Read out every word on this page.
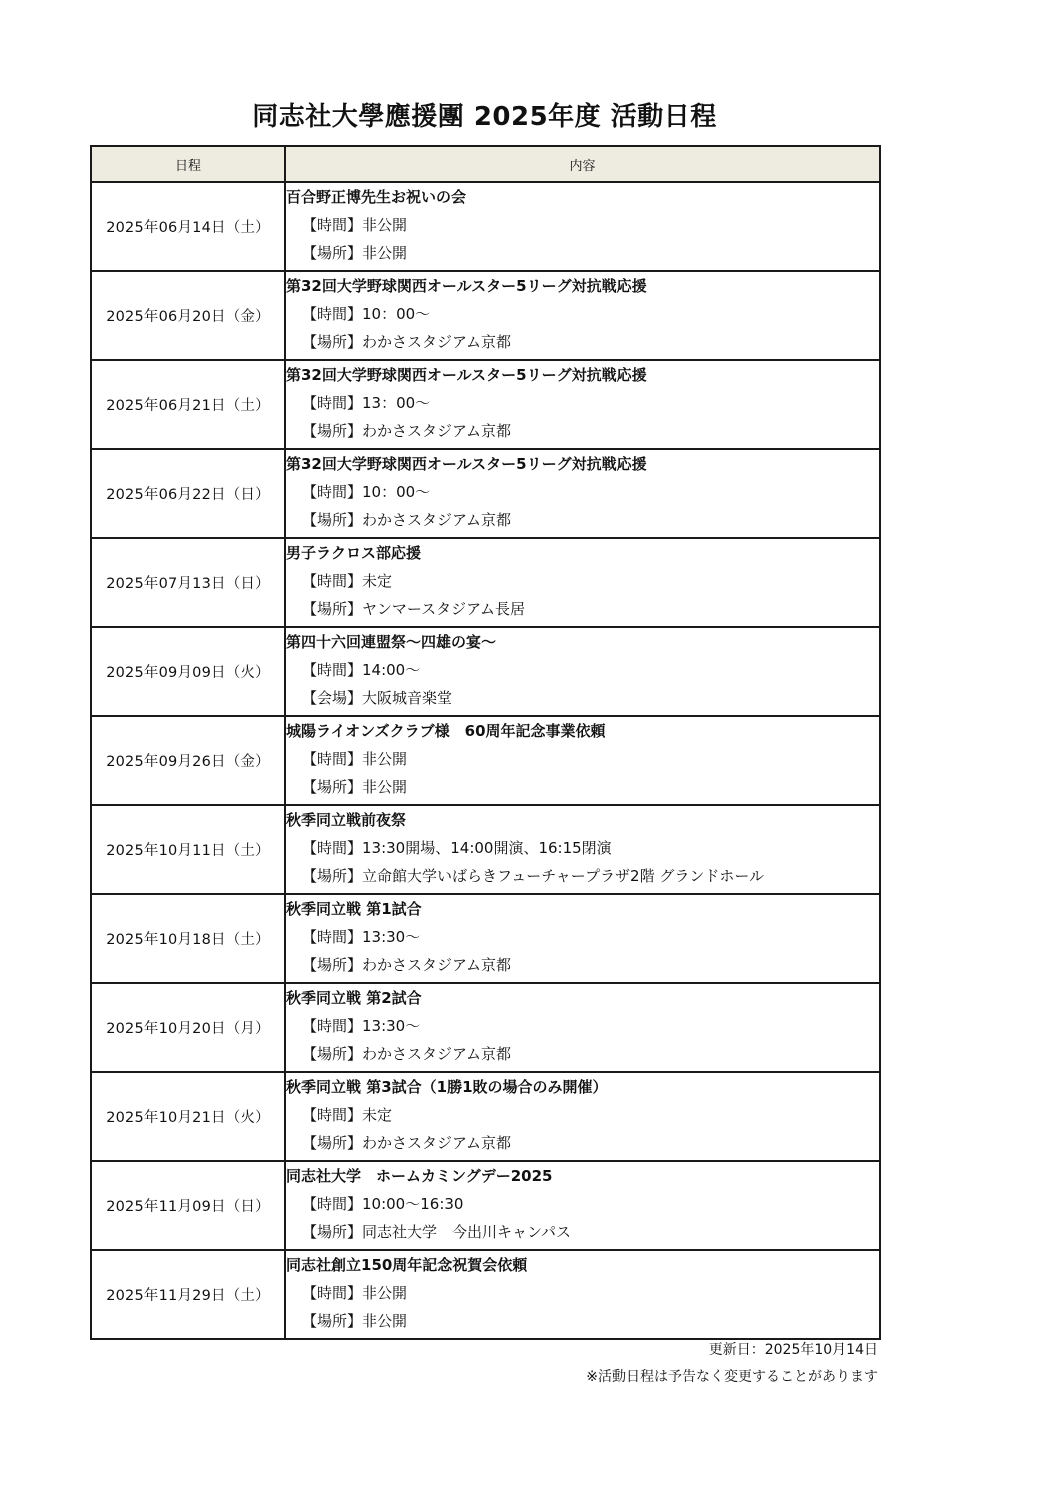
同志社大學應援團 2025年度 活動日程
日程	内容
2025年06月14日（土）	百合野正博先生お祝いの会
【時間】非公開
【場所】非公開

2025年06月20日（金）	第32回大学野球関西オールスター5リーグ対抗戦応援
【時間】10：00～
【場所】わかさスタジアム京都

2025年06月21日（土）	第32回大学野球関西オールスター5リーグ対抗戦応援
【時間】13：00～
【場所】わかさスタジアム京都

2025年06月22日（日）	第32回大学野球関西オールスター5リーグ対抗戦応援
【時間】10：00～
【場所】わかさスタジアム京都

2025年07月13日（日）	男子ラクロス部応援
【時間】未定
【場所】ヤンマースタジアム長居

2025年09月09日（火）	第四十六回連盟祭～四雄の宴～
【時間】14:00～
【会場】大阪城音楽堂

2025年09月26日（金）	城陽ライオンズクラブ様　60周年記念事業依頼
【時間】非公開
【場所】非公開

2025年10月11日（土）	秋季同立戦前夜祭
【時間】13:30開場、14:00開演、16:15閉演
【場所】立命館大学いばらきフューチャープラザ2階 グランドホール

2025年10月18日（土）	秋季同立戦 第1試合
【時間】13:30～
【場所】わかさスタジアム京都

2025年10月20日（月）	秋季同立戦 第2試合
【時間】13:30～
【場所】わかさスタジアム京都

2025年10月21日（火）	秋季同立戦 第3試合（1勝1敗の場合のみ開催）
【時間】未定
【場所】わかさスタジアム京都

2025年11月09日（日）	同志社大学　ホームカミングデー2025
【時間】10:00～16:30
【場所】同志社大学　今出川キャンパス

2025年11月29日（土）	同志社創立150周年記念祝賀会依頼
【時間】非公開
【場所】非公開
更新日：2025年10月14日
※活動日程は予告なく変更することがあります
